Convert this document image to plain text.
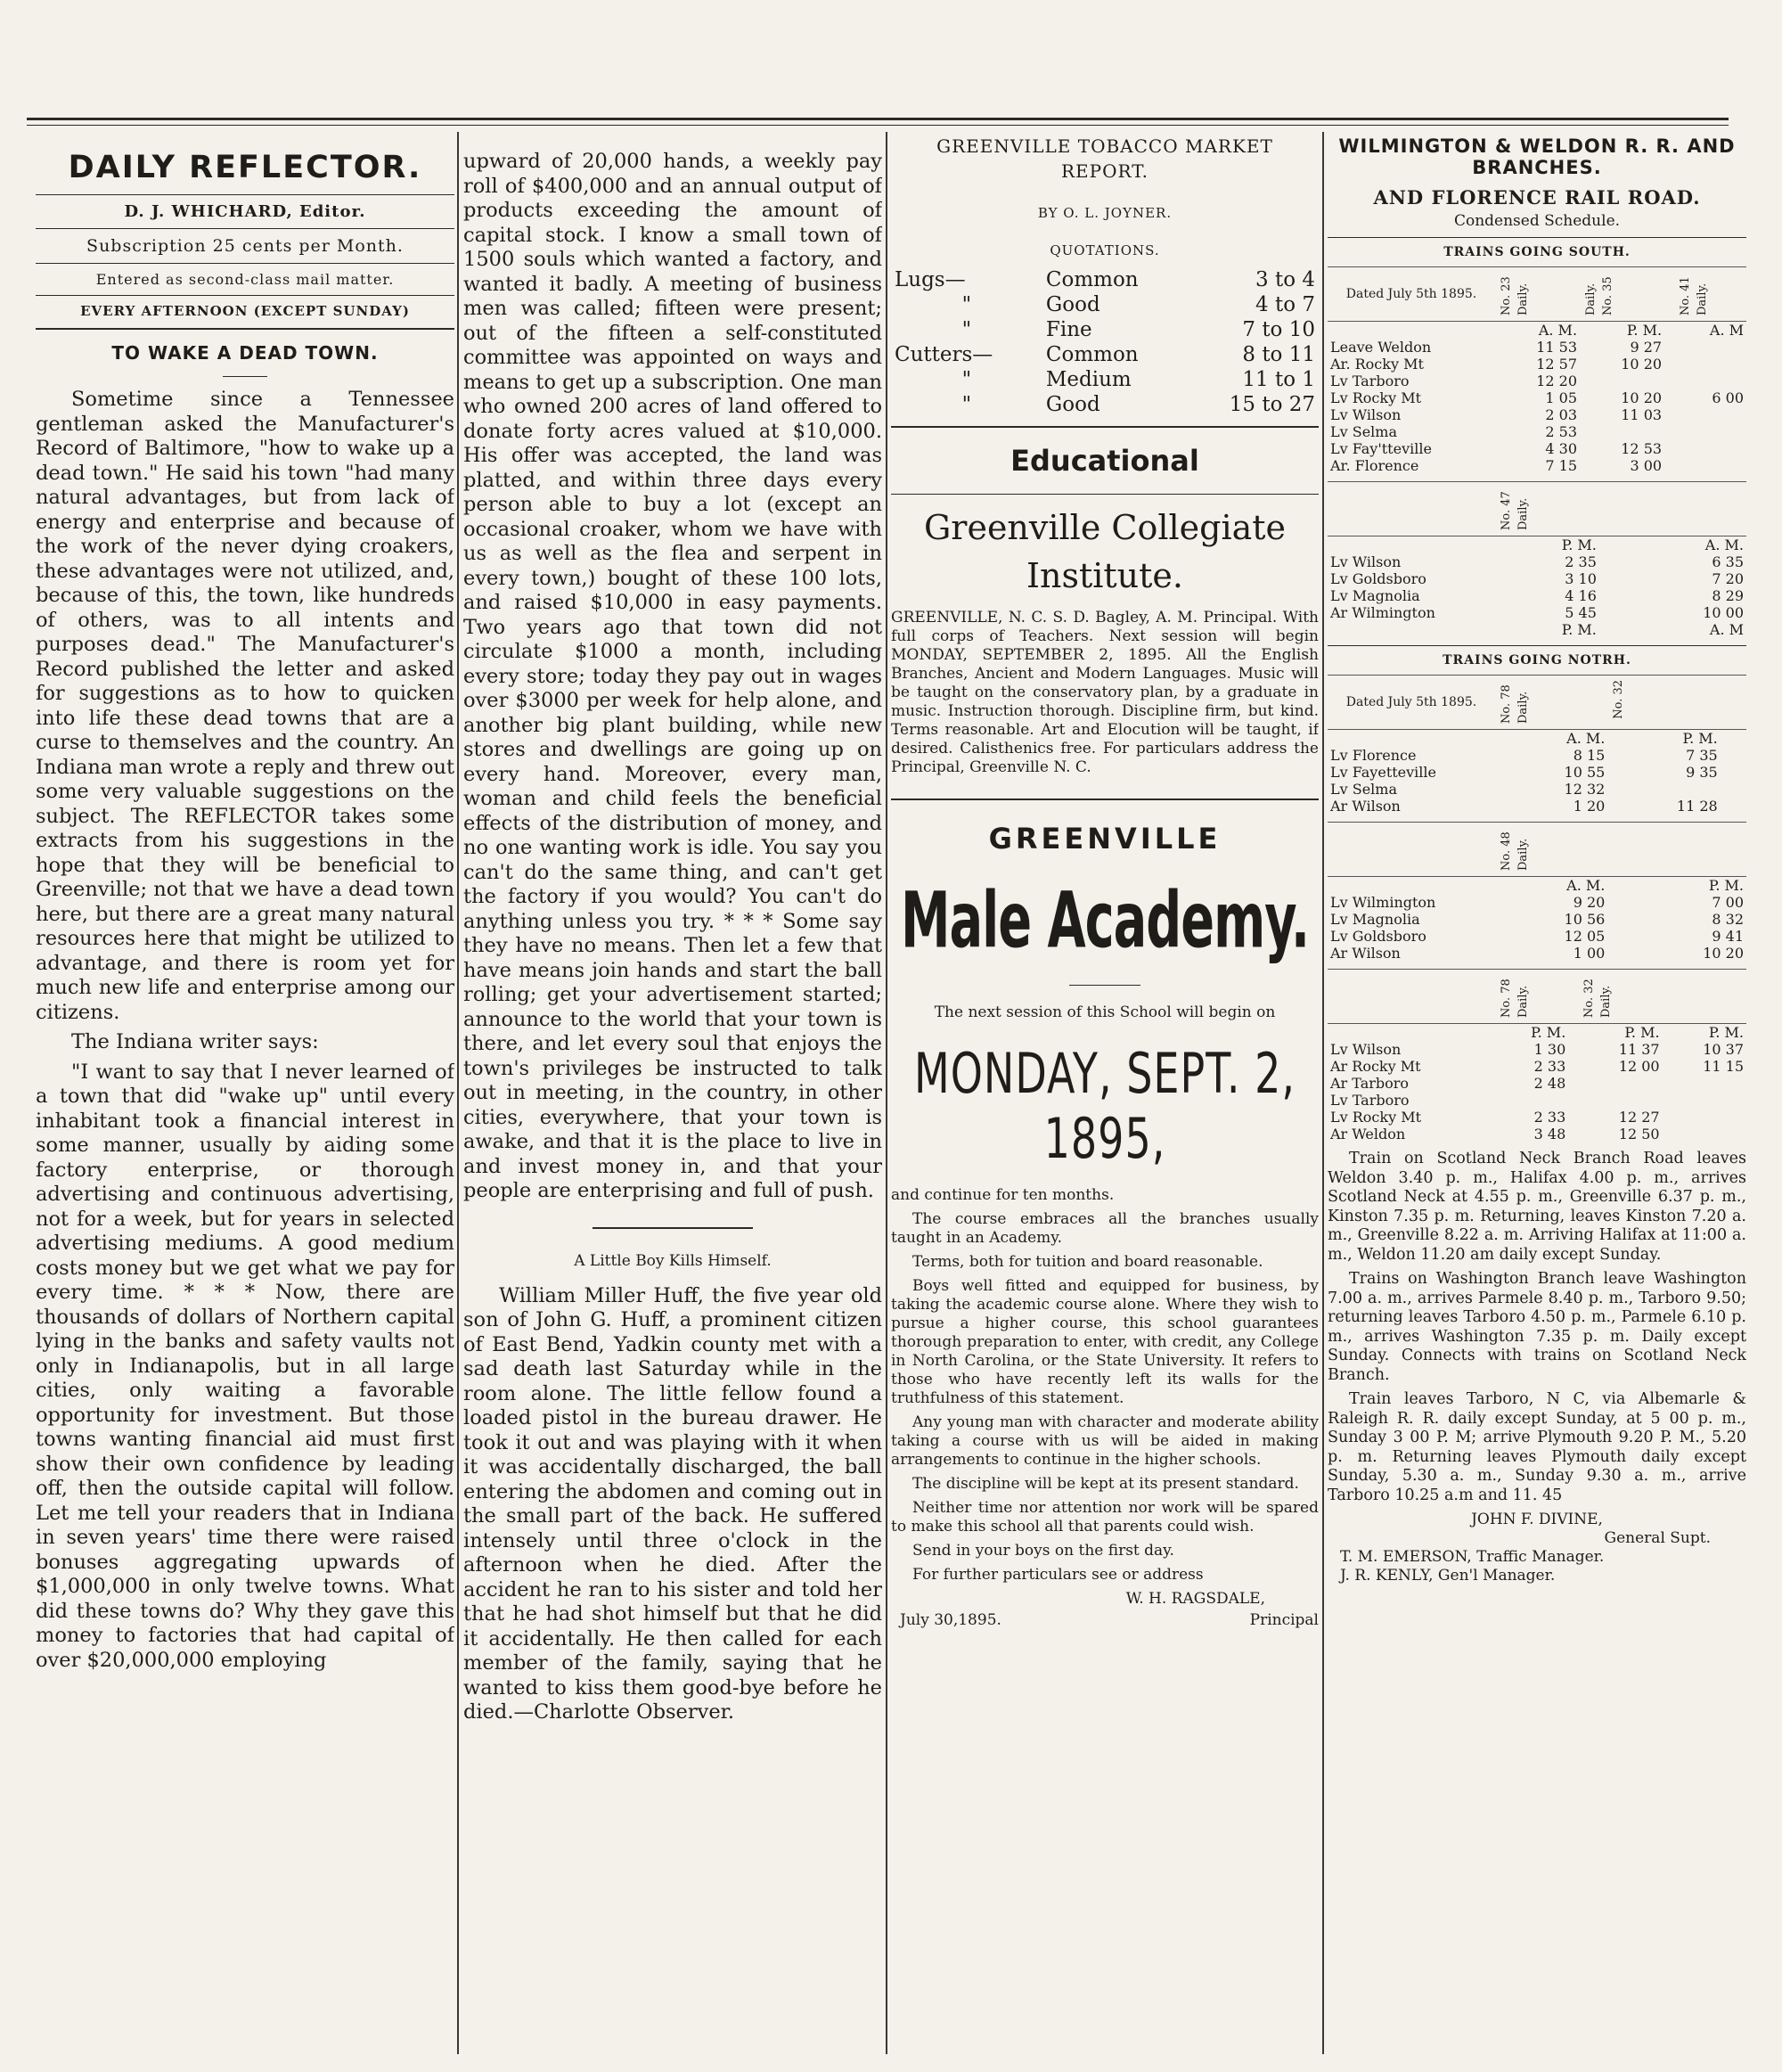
DAILY REFLECTOR.
D. J. WHICHARD, Editor.
Subscription 25 cents per Month.
Entered as second-class mail matter.
EVERY AFTERNOON (EXCEPT SUNDAY)
TO WAKE A DEAD TOWN.

Sometime since a Tennessee gentleman asked the Manufacturer's Record of Baltimore, "how to wake up a dead town." He said his town "had many natural advantages, but from lack of energy and enterprise and because of the work of the never dying croakers, these advantages were not utilized, and, because of this, the town, like hundreds of others, was to all intents and purposes dead." The Manufacturer's Record published the letter and asked for suggestions as to how to quicken into life these dead towns that are a curse to themselves and the country. An Indiana man wrote a reply and threw out some very valuable suggestions on the subject. The REFLECTOR takes some extracts from his suggestions in the hope that they will be beneficial to Greenville; not that we have a dead town here, but there are a great many natural resources here that might be utilized to advantage, and there is room yet for much new life and enterprise among our citizens.

The Indiana writer says:

"I want to say that I never learned of a town that did "wake up" until every inhabitant took a financial interest in some manner, usually by aiding some factory enterprise, or thorough advertising and continuous advertising, not for a week, but for years in selected advertising mediums. A good medium costs money but we get what we pay for every time. * * * Now, there are thousands of dollars of Northern capital lying in the banks and safety vaults not only in Indianapolis, but in all large cities, only waiting a favorable opportunity for investment. But those towns wanting financial aid must first show their own confidence by leading off, then the outside capital will follow. Let me tell your readers that in Indiana in seven years' time there were raised bonuses aggregating upwards of $1,000,000 in only twelve towns. What did these towns do? Why they gave this money to factories that had capital of over $20,000,000 employing

upward of 20,000 hands, a weekly pay roll of $400,000 and an annual output of products exceeding the amount of capital stock. I know a small town of 1500 souls which wanted a factory, and wanted it badly. A meeting of business men was called; fifteen were present; out of the fifteen a self-constituted committee was appointed on ways and means to get up a subscription. One man who owned 200 acres of land offered to donate forty acres valued at $10,000. His offer was accepted, the land was platted, and within three days every person able to buy a lot (except an occasional croaker, whom we have with us as well as the flea and serpent in every town,) bought of these 100 lots, and raised $10,000 in easy payments. Two years ago that town did not circulate $1000 a month, including every store; today they pay out in wages over $3000 per week for help alone, and another big plant building, while new stores and dwellings are going up on every hand. Moreover, every man, woman and child feels the beneficial effects of the distribution of money, and no one wanting work is idle. You say you can't do the same thing, and can't get the factory if you would? You can't do anything unless you try. * * * Some say they have no means. Then let a few that have means join hands and start the ball rolling; get your advertisement started; announce to the world that your town is there, and let every soul that enjoys the town's privileges be instructed to talk out in meeting, in the country, in other cities, everywhere, that your town is awake, and that it is the place to live in and invest money in, and that your people are enterprising and full of push.

A Little Boy Kills Himself.

William Miller Huff, the five year old son of John G. Huff, a prominent citizen of East Bend, Yadkin county met with a sad death last Saturday while in the room alone. The little fellow found a loaded pistol in the bureau drawer. He took it out and was playing with it when it was accidentally discharged, the ball entering the abdomen and coming out in the small part of the back. He suffered intensely until three o'clock in the afternoon when he died. After the accident he ran to his sister and told her that he had shot himself but that he did it accidentally. He then called for each member of the family, saying that he wanted to kiss them good-bye before he died.—Charlotte Observer.

GREENVILLE TOBACCO MARKET REPORT.
BY O. L. JOYNER.
QUOTATIONS.
Lugs—	Common	3 to 4
"	Good	4 to 7
"	Fine	7 to 10
Cutters—	Common	8 to 11
"	Medium	11 to 1
"	Good	15 to 27
Educational
Greenville Collegiate Institute.

GREENVILLE, N. C. S. D. Bagley, A. M. Principal. With full corps of Teachers. Next session will begin MONDAY, SEPTEMBER 2, 1895. All the English Branches, Ancient and Modern Languages. Music will be taught on the conservatory plan, by a graduate in music. Instruction thorough. Discipline firm, but kind. Terms reasonable. Art and Elocution will be taught, if desired. Calisthenics free. For particulars address the Principal, Greenville N. C.

GREENVILLE
Male Academy.
The next session of this School will begin on
MONDAY, SEPT. 2, 1895,

and continue for ten months.

The course embraces all the branches usually taught in an Academy.

Terms, both for tuition and board reasonable.

Boys well fitted and equipped for business, by taking the academic course alone. Where they wish to pursue a higher course, this school guarantees thorough preparation to enter, with credit, any College in North Carolina, or the State University. It refers to those who have recently left its walls for the truthfulness of this statement.

Any young man with character and moderate ability taking a course with us will be aided in making arrangements to continue in the higher schools.

The discipline will be kept at its present standard.

Neither time nor attention nor work will be spared to make this school all that parents could wish.

Send in your boys on the first day.

For further particulars see or address

W. H. RAGSDALE,
July 30,1895.	Principal
WILMINGTON & WELDON R. R. AND BRANCHES.
AND FLORENCE RAIL ROAD.
Condensed Schedule.
TRAINS GOING SOUTH.
Dated July 5th 1895.	No. 23 Daily.	Daily. No. 35		No. 41 Daily.
	A. M.	P. M.		A. M
Leave Weldon	11 53	9 27		
Ar. Rocky Mt	12 57	10 20		

Lv Tarboro	12 20			

Lv Rocky Mt	1 05	10 20		6 00
Lv Wilson	2 03	11 03		
Lv Selma	2 53			
Lv Fay'tteville	4 30	12 53		
Ar. Florence	7 15	3 00		
	No. 47 Daily.			
	P. M.			A. M.
Lv Wilson	2 35			6 35
Lv Goldsboro	3 10			7 20
Lv Magnolia	4 16			8 29
Ar Wilmington	5 45			10 00
	P. M.			A. M
TRAINS GOING NOTRH.
Dated July 5th 1895.	No. 78 Daily.	No. 32		
	A. M.	P. M.		
Lv Florence	8 15	7 35		
Lv Fayetteville	10 55	9 35		
Lv Selma	12 32			
Ar Wilson	1 20	11 28		
	No. 48 Daily.			
	A. M.			P. M.
Lv Wilmington	9 20			7 00
Lv Magnolia	10 56			8 32
Lv Goldsboro	12 05			9 41
Ar Wilson	1 00			10 20
	No. 78 Daily.		No. 32 Daily.	
	P. M.		P. M.	P. M.
Lv Wilson	1 30		11 37	10 37
Ar Rocky Mt	2 33		12 00	11 15

Ar Tarboro	2 48			
Lv Tarboro				
Lv Rocky Mt	2 33		12 27	
Ar Weldon	3 48		12 50	

Train on Scotland Neck Branch Road leaves Weldon 3.40 p. m., Halifax 4.00 p. m., arrives Scotland Neck at 4.55 p. m., Greenville 6.37 p. m., Kinston 7.35 p. m. Returning, leaves Kinston 7.20 a. m., Greenville 8.22 a. m. Arriving Halifax at 11:00 a. m., Weldon 11.20 am daily except Sunday.

Trains on Washington Branch leave Washington 7.00 a. m., arrives Parmele 8.40 p. m., Tarboro 9.50; returning leaves Tarboro 4.50 p. m., Parmele 6.10 p. m., arrives Washington 7.35 p. m. Daily except Sunday. Connects with trains on Scotland Neck Branch.

Train leaves Tarboro, N C, via Albemarle & Raleigh R. R. daily except Sunday, at 5 00 p. m., Sunday 3 00 P. M; arrive Plymouth 9.20 P. M., 5.20 p. m. Returning leaves Plymouth daily except Sunday, 5.30 a. m., Sunday 9.30 a. m., arrive Tarboro 10.25 a.m and 11. 45

JOHN F. DIVINE,
General Supt.
T. M. EMERSON, Traffic Manager.
J. R. KENLY, Gen'l Manager.
